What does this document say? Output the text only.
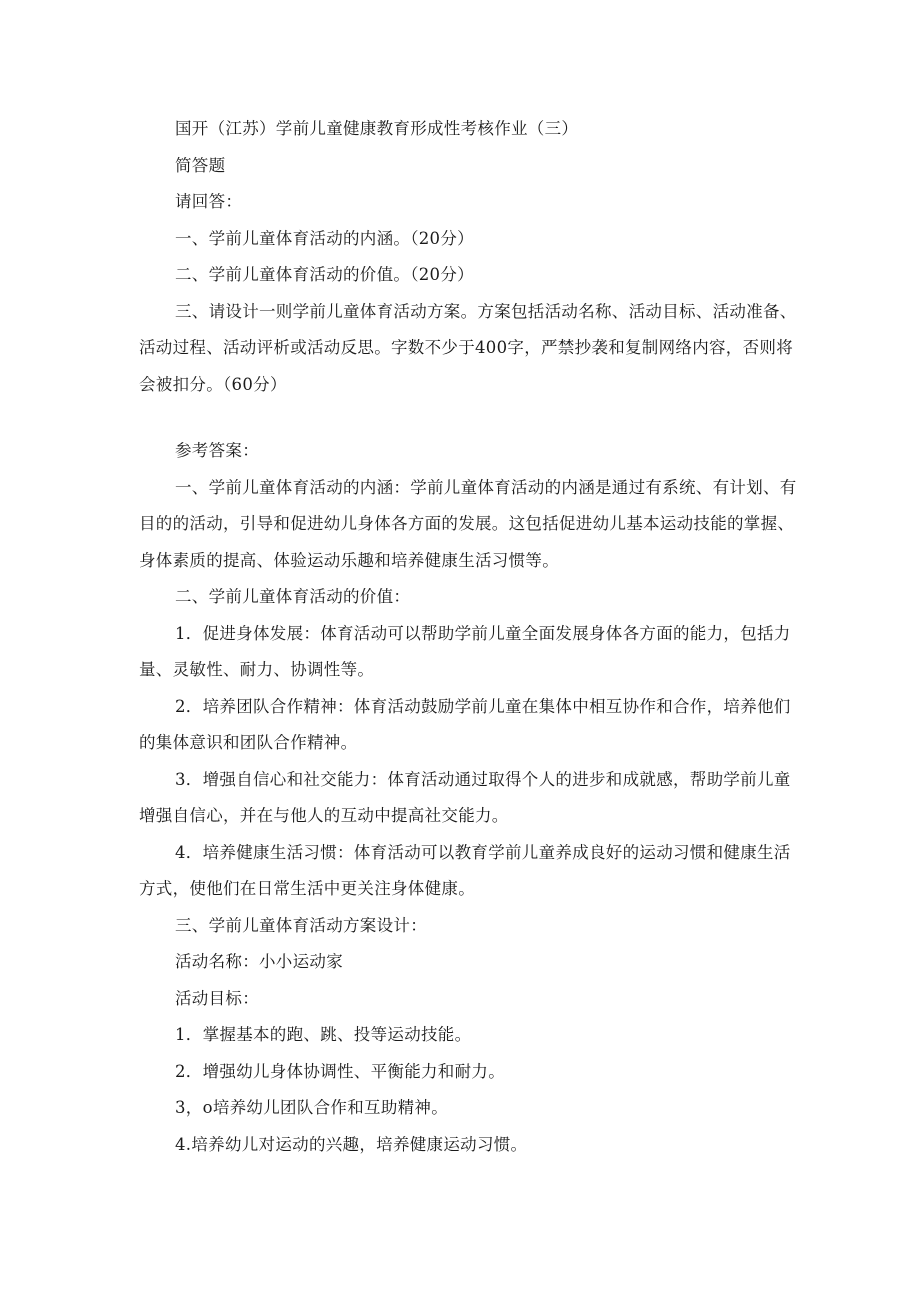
国开（江苏）学前儿童健康教育形成性考核作业（三）

简答题

请回答：

一、学前儿童体育活动的内涵。（20分）

二、学前儿童体育活动的价值。（20分）

三、请设计一则学前儿童体育活动方案。方案包括活动名称、活动目标、活动准备、活动过程、活动评析或活动反思。字数不少于400字，严禁抄袭和复制网络内容，否则将会被扣分。（60分）

参考答案：

一、学前儿童体育活动的内涵：学前儿童体育活动的内涵是通过有系统、有计划、有目的的活动，引导和促进幼儿身体各方面的发展。这包括促进幼儿基本运动技能的掌握、身体素质的提高、体验运动乐趣和培养健康生活习惯等。

二、学前儿童体育活动的价值：

1．促进身体发展：体育活动可以帮助学前儿童全面发展身体各方面的能力，包括力量、灵敏性、耐力、协调性等。

2．培养团队合作精神：体育活动鼓励学前儿童在集体中相互协作和合作，培养他们的集体意识和团队合作精神。

3．增强自信心和社交能力：体育活动通过取得个人的进步和成就感，帮助学前儿童增强自信心，并在与他人的互动中提高社交能力。

4．培养健康生活习惯：体育活动可以教育学前儿童养成良好的运动习惯和健康生活方式，使他们在日常生活中更关注身体健康。

三、学前儿童体育活动方案设计：

活动名称：小小运动家

活动目标：

1．掌握基本的跑、跳、投等运动技能。

2．增强幼儿身体协调性、平衡能力和耐力。

3，o培养幼儿团队合作和互助精神。

4.培养幼儿对运动的兴趣，培养健康运动习惯。
